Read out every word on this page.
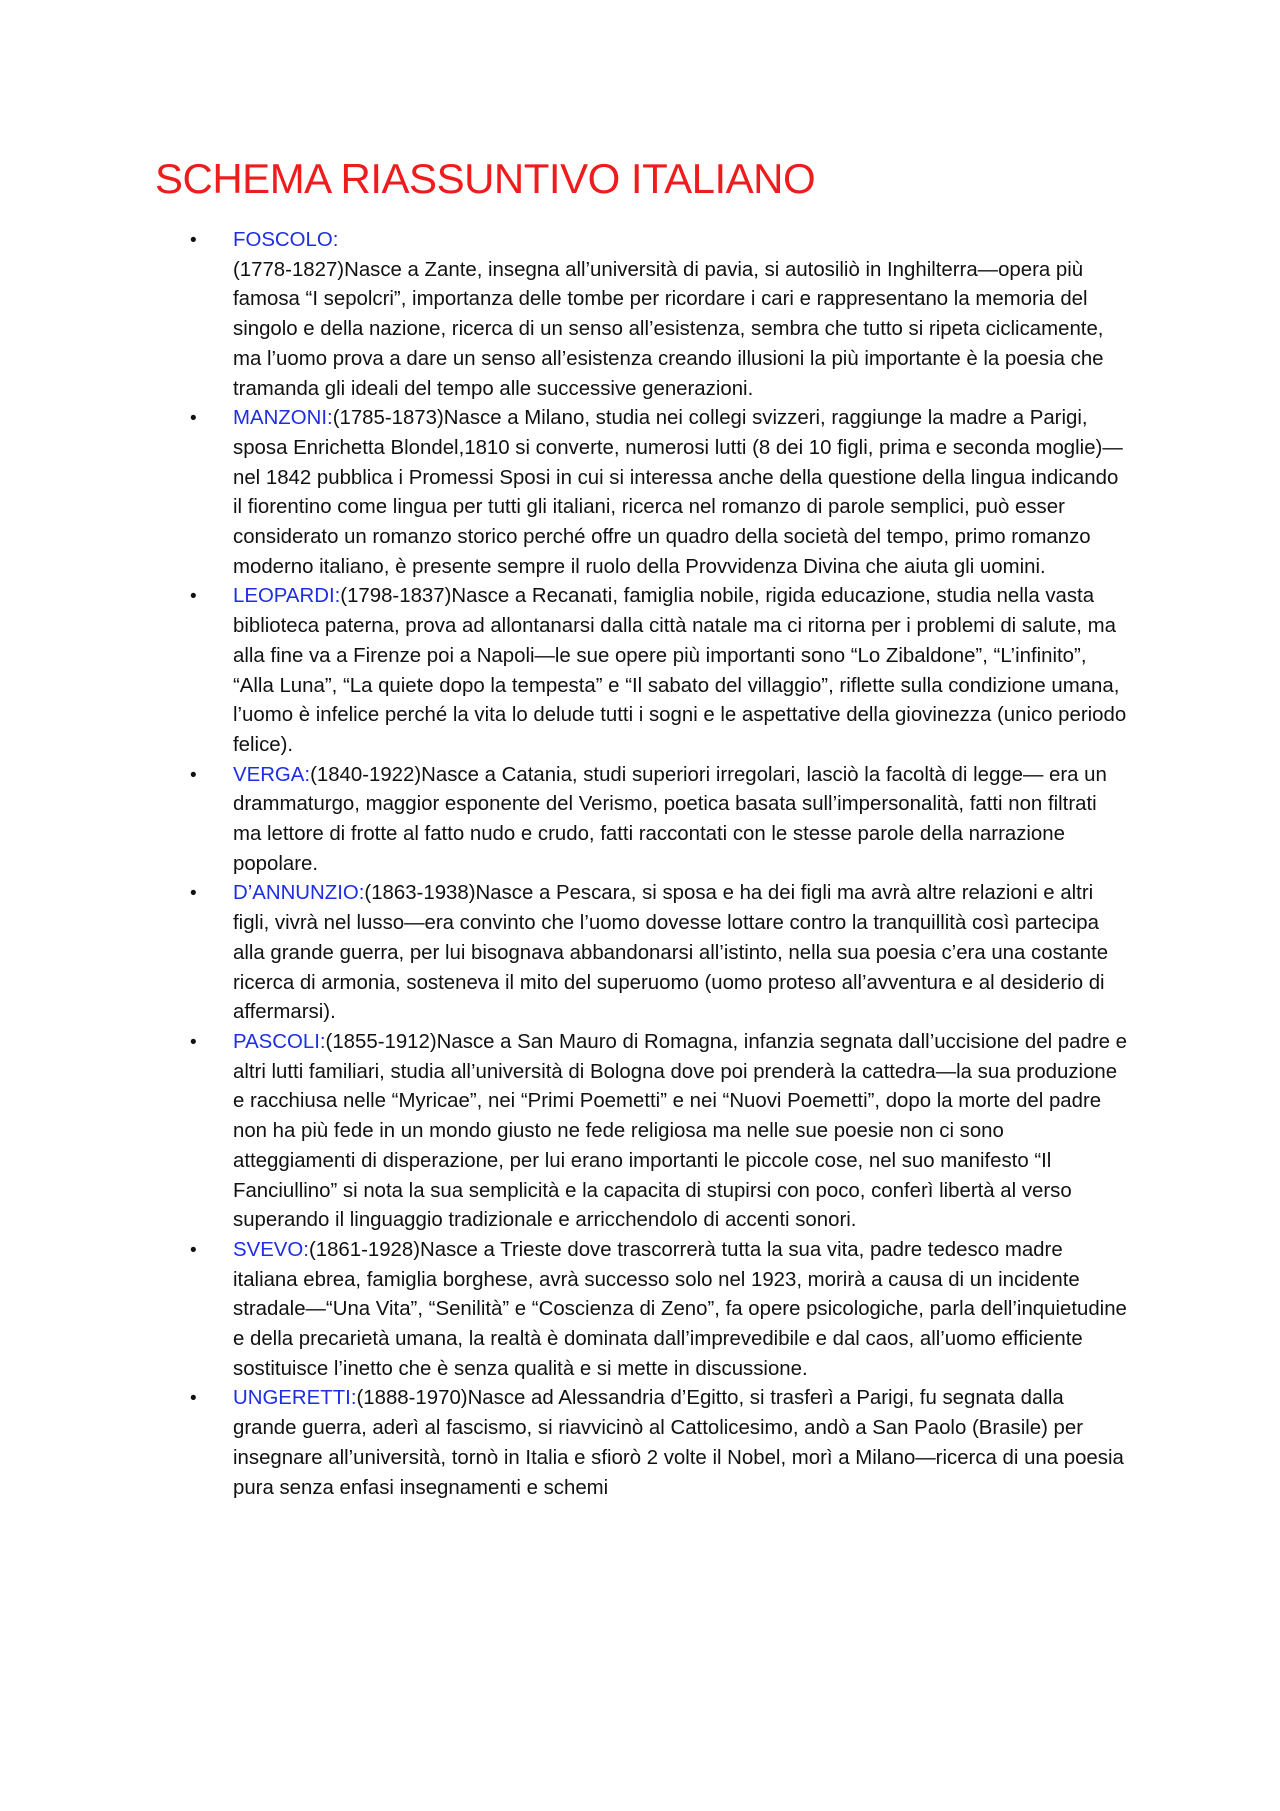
SCHEMA RIASSUNTIVO ITALIANO
• FOSCOLO:
(1778-1827)Nasce a Zante, insegna all’università di pavia, si autosiliò in Inghilterra—opera più famosa “I sepolcri”, importanza delle tombe per ricordare i cari e rappresentano la memoria del singolo e della nazione, ricerca di un senso all’esistenza, sembra che tutto si ripeta ciclicamente, ma l’uomo prova a dare un senso all’esistenza creando illusioni la più importante è la poesia che tramanda gli ideali del tempo alle successive generazioni.
• MANZONI:(1785-1873)Nasce a Milano, studia nei collegi svizzeri, raggiunge la madre a Parigi, sposa Enrichetta Blondel,1810 si converte, numerosi lutti (8 dei 10 figli, prima e seconda moglie)— nel 1842 pubblica i Promessi Sposi in cui si interessa anche della questione della lingua indicando il fiorentino come lingua per tutti gli italiani, ricerca nel romanzo di parole semplici, può esser considerato un romanzo storico perché offre un quadro della società del tempo, primo romanzo moderno italiano, è presente sempre il ruolo della Provvidenza Divina che aiuta gli uomini.
• LEOPARDI:(1798-1837)Nasce a Recanati, famiglia nobile, rigida educazione, studia nella vasta biblioteca paterna, prova ad allontanarsi dalla città natale ma ci ritorna per i problemi di salute, ma alla fine va a Firenze poi a Napoli—le sue opere più importanti sono “Lo Zibaldone”, “L’infinito”, “Alla Luna”, “La quiete dopo la tempesta” e “Il sabato del villaggio”, riflette sulla condizione umana, l’uomo è infelice perché la vita lo delude tutti i sogni e le aspettative della giovinezza (unico periodo felice).
• VERGA:(1840-1922)Nasce a Catania, studi superiori irregolari, lasciò la facoltà di legge— era un drammaturgo, maggior esponente del Verismo, poetica basata sull’impersonalità, fatti non filtrati ma lettore di frotte al fatto nudo e crudo, fatti raccontati con le stesse parole della narrazione popolare.
• D’ANNUNZIO:(1863-1938)Nasce a Pescara, si sposa e ha dei figli ma avrà altre relazioni e altri figli, vivrà nel lusso—era convinto che l’uomo dovesse lottare contro la tranquillità così partecipa alla grande guerra, per lui bisognava abbandonarsi all’istinto, nella sua poesia c’era una costante ricerca di armonia, sosteneva il mito del superuomo (uomo proteso all’avventura e al desiderio di affermarsi).
• PASCOLI:(1855-1912)Nasce a San Mauro di Romagna, infanzia segnata dall’uccisione del padre e altri lutti familiari, studia all’università di Bologna dove poi prenderà la cattedra—la sua produzione e racchiusa nelle “Myricae”, nei “Primi Poemetti” e nei “Nuovi Poemetti”, dopo la morte del padre non ha più fede in un mondo giusto ne fede religiosa ma nelle sue poesie non ci sono atteggiamenti di disperazione, per lui erano importanti le piccole cose, nel suo manifesto “Il Fanciullino” si nota la sua semplicità e la capacita di stupirsi con poco, conferì libertà al verso superando il linguaggio tradizionale e arricchendolo di accenti sonori.
• SVEVO:(1861-1928)Nasce a Trieste dove trascorrerà tutta la sua vita, padre tedesco madre italiana ebrea, famiglia borghese, avrà successo solo nel 1923, morirà a causa di un incidente stradale—“Una Vita”, “Senilità” e “Coscienza di Zeno”, fa opere psicologiche, parla dell’inquietudine e della precarietà umana, la realtà è dominata dall’imprevedibile e dal caos, all’uomo efficiente sostituisce l’inetto che è senza qualità e si mette in discussione.
• UNGERETTI:(1888-1970)Nasce ad Alessandria d’Egitto, si trasferì a Parigi, fu segnata dalla grande guerra, aderì al fascismo, si riavvicinò al Cattolicesimo, andò a San Paolo (Brasile) per insegnare all’università, tornò in Italia e sfiorò 2 volte il Nobel, morì a Milano—ricerca di una poesia pura senza enfasi insegnamenti e schemi
